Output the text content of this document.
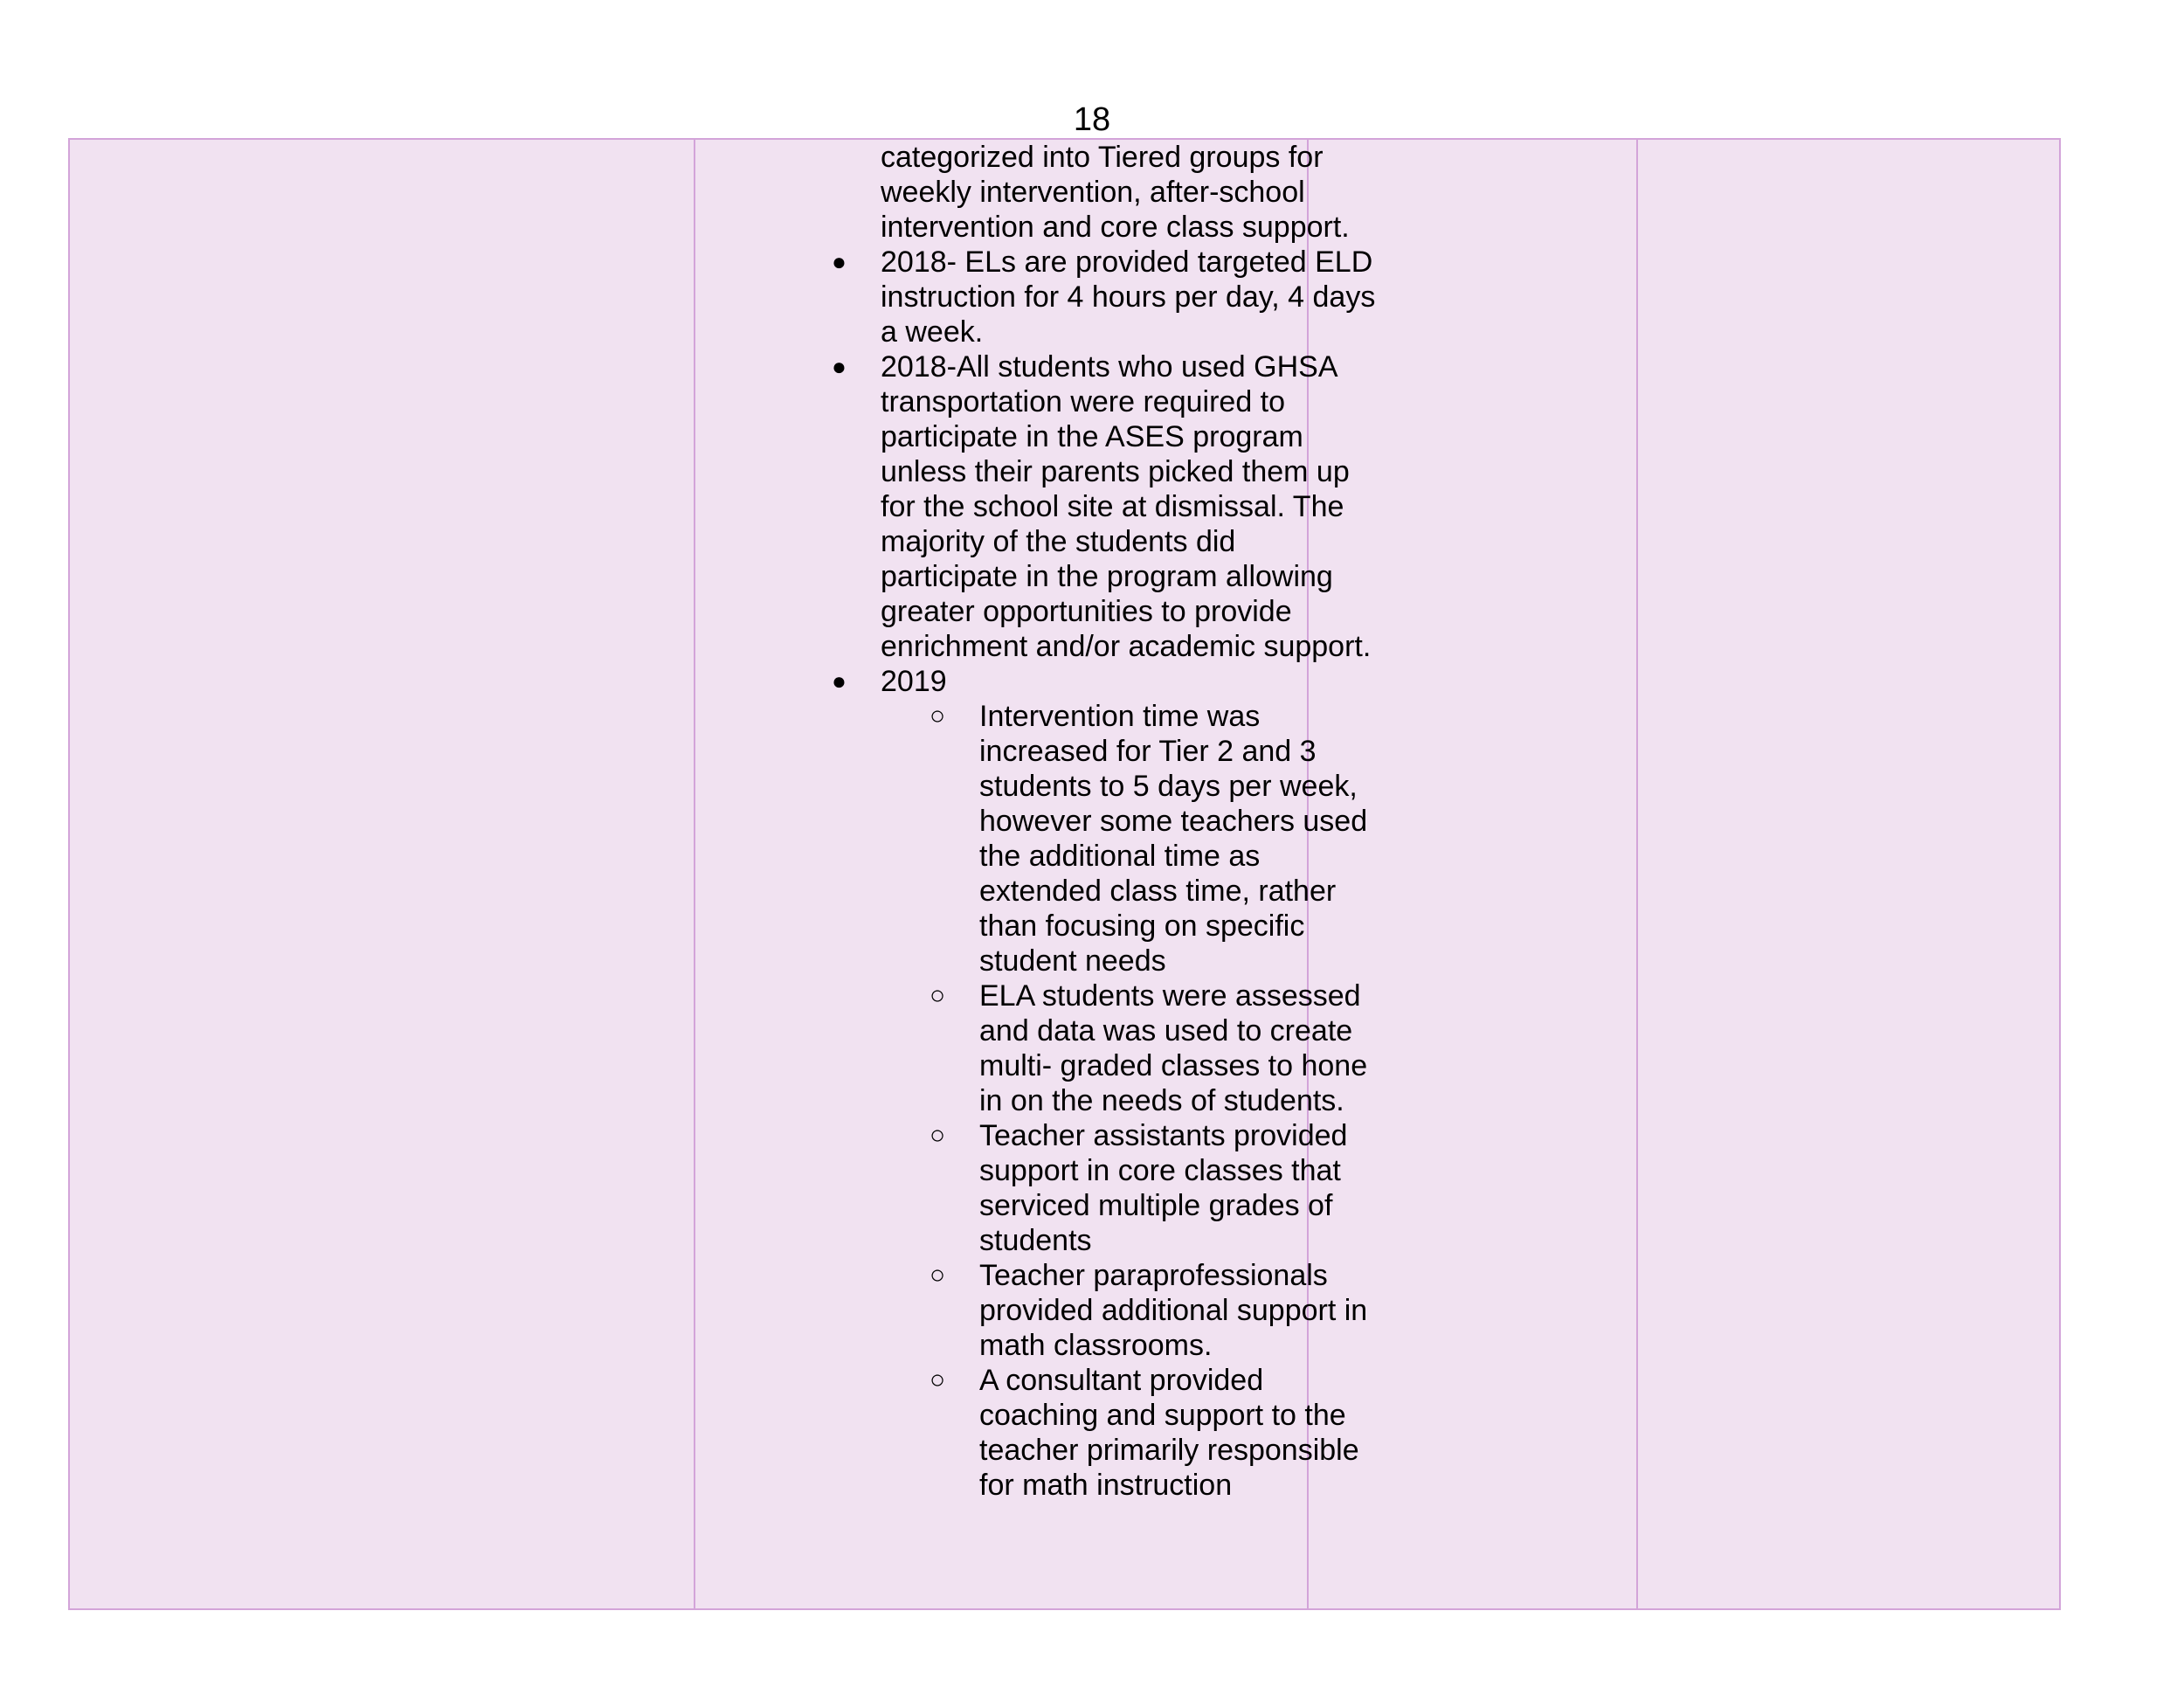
18
categorized into Tiered groups for weekly intervention, after-school intervention and core class support.
● 2018- ELs are provided targeted ELD instruction for 4 hours per day, 4 days a week.
● 2018-All students who used GHSA transportation were required to participate in the ASES program unless their parents picked them up for the school site at dismissal. The majority of the students did participate in the program allowing greater opportunities to provide enrichment and/or academic support.
● 2019
○ Intervention time was increased for Tier 2 and 3 students to 5 days per week, however some teachers used the additional time as extended class time, rather than focusing on specific student needs
○ ELA students were assessed and data was used to create multi- graded classes to hone in on the needs of students.
○ Teacher assistants provided support in core classes that serviced multiple grades of students
○ Teacher paraprofessionals provided additional support in math classrooms.
○ A consultant provided coaching and support to the teacher primarily responsible for math instruction
